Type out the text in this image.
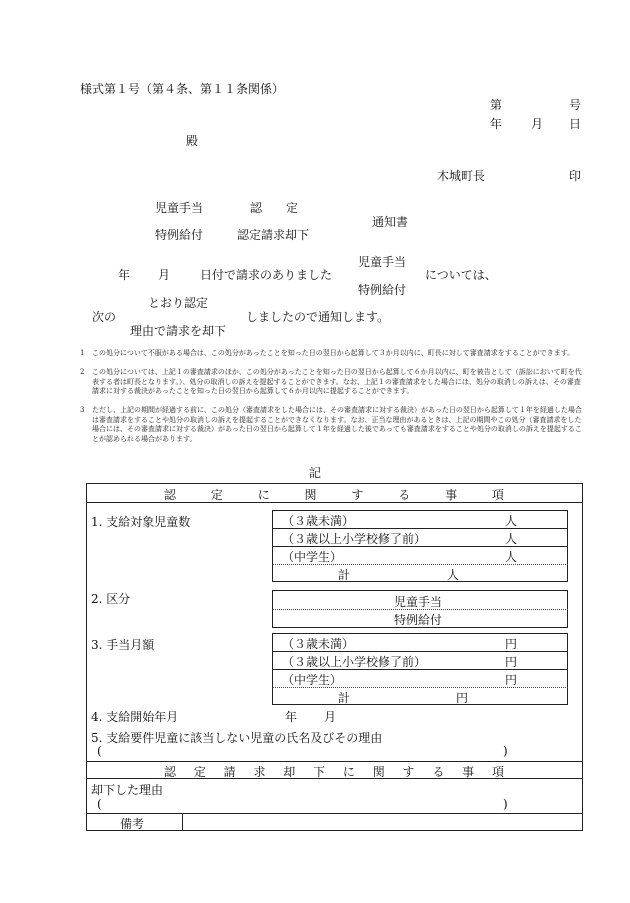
様式第１号（第４条、第１１条関係）
第	号
年 月 日
殿
木城町長	印
児童手当	認　　定
通知書
特例給付	認定請求却下
児童手当
年 月 日付で請求のありました	については、
特例給付
とおり認定
次の	しましたので通知します。
理由で請求を却下
1	この処分について不服がある場合は、この処分があったことを知った日の翌日から起算して３か月以内に、町長に対して審査請求をすることができます。
2	この処分については、上記１の審査請求のほか、この処分があったことを知った日の翌日から起算して６か月以内に、町を被告として（訴訟において町を代表する者は町長となります。）、処分の取消しの訴えを提起することができます。なお、上記１の審査請求をした場合には、処分の取消しの訴えは、その審査請求に対する裁決があったことを知った日の翌日から起算して６か月以内に提起することができます。
3	ただし、上記の期間が経過する前に、この処分（審査請求をした場合には、その審査請求に対する裁決）があった日の翌日から起算して１年を経過した場合は審査請求をすることや処分の取消しの訴えを提起することができなくなります。なお、正当な理由があるときは、上記の期間やこの処分（審査請求をした場合には、その審査請求に対する裁決）があった日の翌日から起算して１年を経過した後であっても審査請求をすることや処分の取消しの訴えを提起することが認められる場合があります。
記
認	定	に	関	す	る	事	項
1. 支給対象児童数	（３歳未満）	人
（３歳以上小学校修了前）	人
（中学生）	人
計	人
2. 区分	児童手当
特例給付
3. 手当月額	（３歳未満）	円
（３歳以上小学校修了前）	円
（中学生）	円
計	円
4. 支給開始年月	年 月
5. 支給要件児童に該当しない児童の氏名及びその理由
(	)
認 定 請 求 却 下 に 関 す る 事 項
却下した理由
(	)
備考
